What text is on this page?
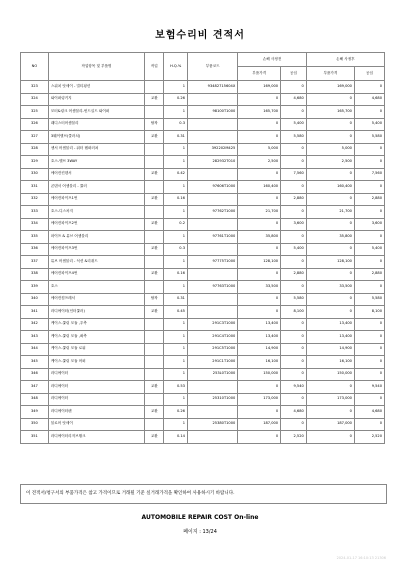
보험수리비 견적서
NO	작업항목 및 부품명	작업	H.Q.%	부품코드	손해 사정전		손해 사정후	
					부품가격	공임	부품가격	공임
323	스위치 앗세이 - 멀티펑션		1	93482715604X	169,000	0	169,000	0
324	와이퍼링키지	교환	0.26		0	4,680	0	4,680
325	모터&링크 어셈블리-윈드실드 와이퍼		1	98100T1000	165,700	0	165,700	0
326	래디스터어셈블리	탈착	0.3		0	5,400	0	5,400
327	3웨이밸브(클러치)	교환	0.31		0	5,580	0	5,580
328	센서 어셈블리 - 워터 템퍼러쳐		1	392202M425	5,000	0	5,000	0
329	호스-밸브 3WAY		1	282932T010	2,500	0	2,500	0
330	에어컨컨덴서	교환	0.42		0	7,560	0	7,560
331	콘덴서 어셈블리 - 쿨러		1	97606T1000	160,400	0	160,400	0
332	에어컨파이프1번	교환	0.16		0	2,880	0	2,880
333	호스-디스차지		1	97762T1000	21,700	0	21,700	0
334	에어컨파이프2번	교환	0.2		0	3,600	0	3,600
335	파이프 & 튜브 어셈블리		1	97761T1000	35,800	0	35,800	0
336	에어컨파이프3번	교환	0.3		0	5,400	0	5,400
337	튜브 어셈블리 - 석션 &리퀴드		1	97775T1000	128,100	0	128,100	0
338	에어컨파이프4번	교환	0.16		0	2,880	0	2,880
339	호스		1	97763T1000	33,500	0	33,500	0
340	에어컨컴프레서	탈착	0.31		0	5,580	0	5,580
341	라디에이터(인터쿨러)	교환	0.45		0	8,100	0	8,100
342	케이스-쿨링 모듈 ,우측		1	291C3T1000	13,400	0	13,400	0
343	케이스-쿨링 모듈 ,좌측		1	291C4T1000	13,400	0	13,400	0
344	케이스-쿨링 모듈 로워		1	291C5T1000	14,900	0	14,900	0
345	케이스-쿨링 모듈 어퍼		1	291C1T1000	16,100	0	16,100	0
346	라디에이터		1	253L0T1000	150,000	0	150,000	0
347	라디에이터	교환	0.53		0	9,540	0	9,540
348	라디에이터		1	25310T1000	173,000	0	173,000	0
349	라디에이터팬	교환	0.26		0	4,680	0	4,680
350	블로어 앗세이		1	25380T1000	187,000	0	187,000	0
351	라디에이터리저브탱크	교환	0.14		0	2,520	0	2,520
이 견적서/청구서의 부품가격은 참고 가격이므로 거래될 기준 실거래가격을 확인하여 사용하시기 바랍니다.
AUTOMOBILE REPAIR COST On-line
페이지 : 13/24
2024-01-17 16:10:13 21306
